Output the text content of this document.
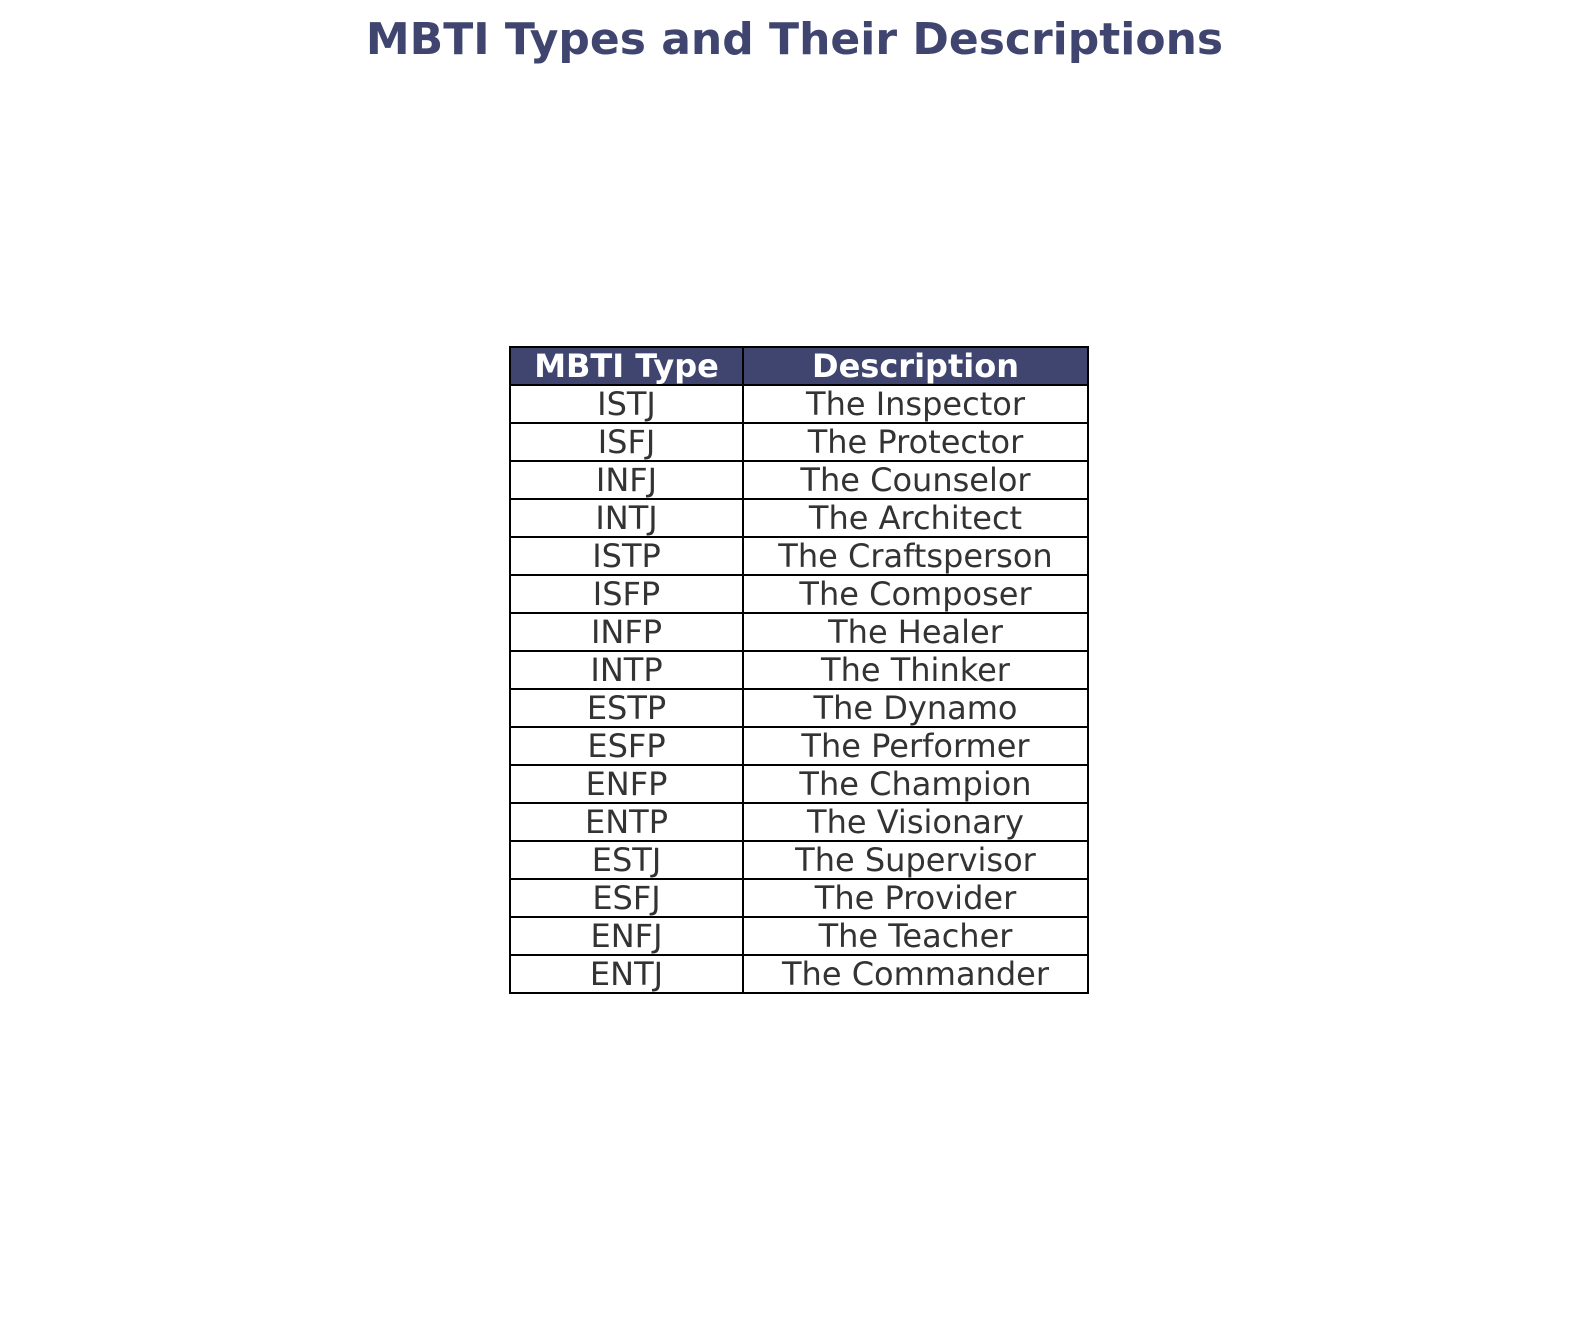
MBTI Types and Their Descriptions
MBTI Type	Description
ISTJ	The Inspector
ISFJ	The Protector
INFJ	The Counselor
INTJ	The Architect
ISTP	The Craftsperson
ISFP	The Composer
INFP	The Healer
INTP	The Thinker
ESTP	The Dynamo
ESFP	The Performer
ENFP	The Champion
ENTP	The Visionary
ESTJ	The Supervisor
ESFJ	The Provider
ENFJ	The Teacher
ENTJ	The Commander
